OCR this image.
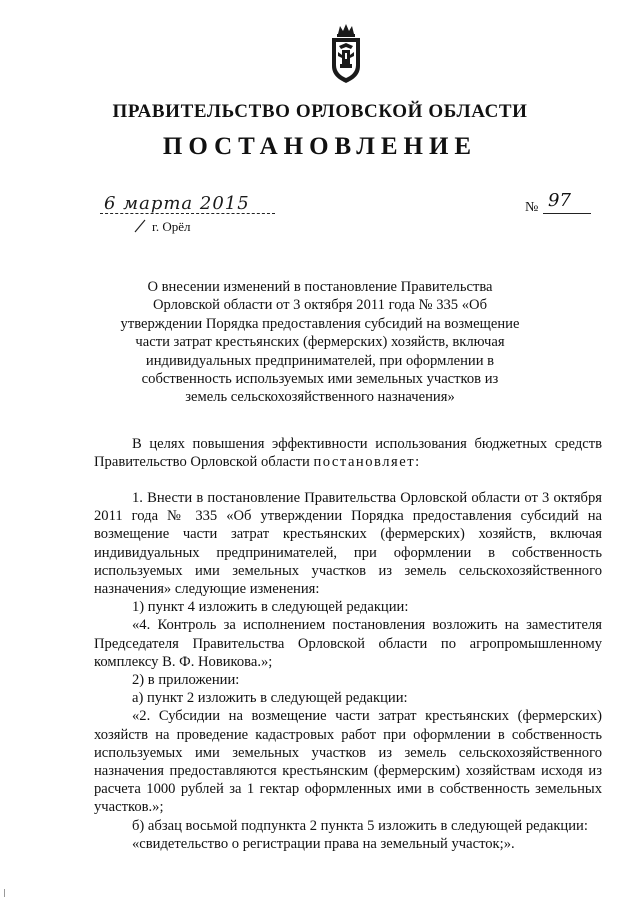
ПРАВИТЕЛЬСТВО ОРЛОВСКОЙ ОБЛАСТИ
ПОСТАНОВЛЕНИЕ
6 марта 2015
г. Орёл
№ 97
О внесении изменений в постановление Правительства Орловской области от 3 октября 2011 года № 335 «Об утверждении Порядка предоставления субсидий на возмещение части затрат крестьянских (фермерских) хозяйств, включая индивидуальных предпринимателей, при оформлении в собственность используемых ими земельных участков из земель сельскохозяйственного назначения»

В целях повышения эффективности использования бюджетных средств Правительство Орловской области постановляет:

1. Внести в постановление Правительства Орловской области от 3 октября 2011 года № 335 «Об утверждении Порядка предоставления субсидий на возмещение части затрат крестьянских (фермерских) хозяйств, включая индивидуальных предпринимателей, при оформлении в собственность используемых ими земельных участков из земель сельскохозяйственного назначения» следующие изменения:

1) пункт 4 изложить в следующей редакции:

«4. Контроль за исполнением постановления возложить на заместителя Председателя Правительства Орловской области по агропромышленному комплексу В. Ф. Новикова.»;

2) в приложении:

а) пункт 2 изложить в следующей редакции:

«2. Субсидии на возмещение части затрат крестьянских (фермерских) хозяйств на проведение кадастровых работ при оформлении в собственность используемых ими земельных участков из земель сельскохозяйственного назначения предоставляются крестьянским (фермерским) хозяйствам исходя из расчета 1000 рублей за 1 гектар оформленных ими в собственность земельных участков.»;

б) абзац восьмой подпункта 2 пункта 5 изложить в следующей редакции:

«свидетельство о регистрации права на земельный участок;».
